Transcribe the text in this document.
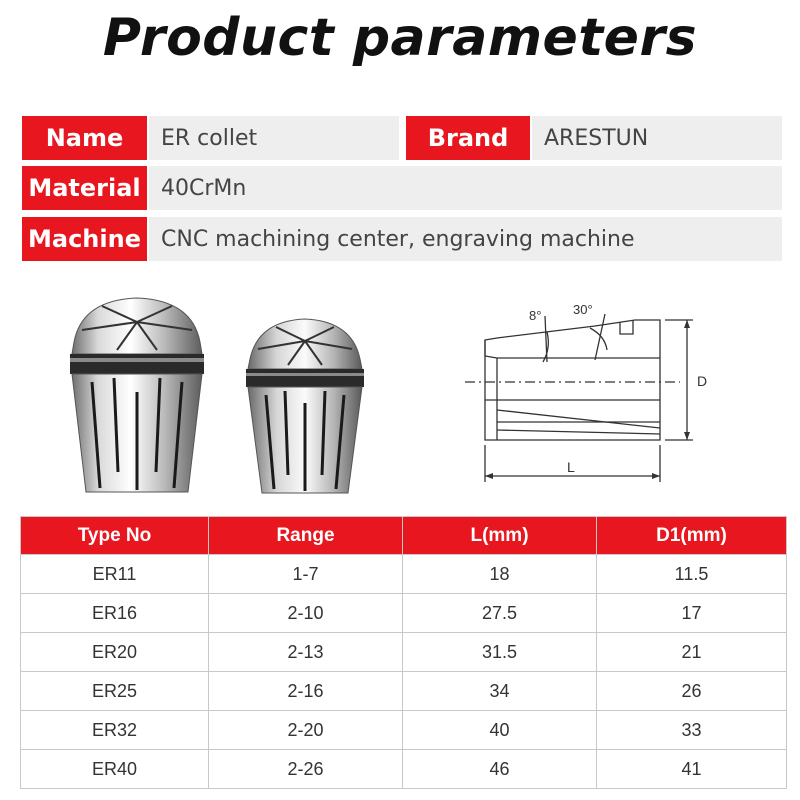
Product parameters
Name	ER collet	Brand	ARESTUN
Material 40CrMn
Machine CNC machining center, engraving machine
8° 30°
L
D
Type No	Range	L(mm)	D1(mm)
ER11	1-7	18	11.5
ER16	2-10	27.5	17
ER20	2-13	31.5	21
ER25	2-16	34	26
ER32	2-20	40	33
ER40	2-26	46	41
